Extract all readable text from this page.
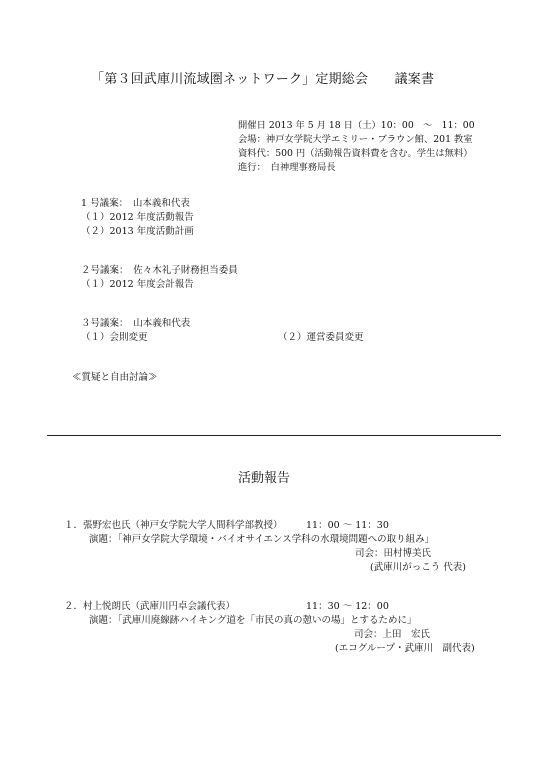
「第３回武庫川流域圏ネットワーク」定期総会　　議案書
開催日 2013 年 5 月 18 日（土）10：00　～　11：00
会場：神戸女学院大学エミリー・ブラウン館、201 教室
資料代：500 円（活動報告資料費を含む。学生は無料）
進行：　白神理事務局長
1 号議案：　山本義和代表
（１）2012 年度活動報告
（２）2013 年度活動計画
２号議案：　佐々木礼子財務担当委員
（１）2012 年度会計報告
３号議案：　山本義和代表
（１）会則変更	（２）運営委員変更
≪質疑と自由討論≫
活動報告
１．張野宏也氏（神戸女学院大学人間科学部教授） 11：00 ～ 11：30
演題：「神戸女学院大学環境・バイオサイエンス学科の水環境問題への取り組み」
司会：田村博美氏
(武庫川がっこう 代表)
２．村上悦朗氏（武庫川円卓会議代表）	11：30 ～ 12：00
演題：「武庫川廃線跡ハイキング道を「市民の真の憩いの場」とするために」
司会：上田　宏氏
(エコグループ・武庫川　副代表)
